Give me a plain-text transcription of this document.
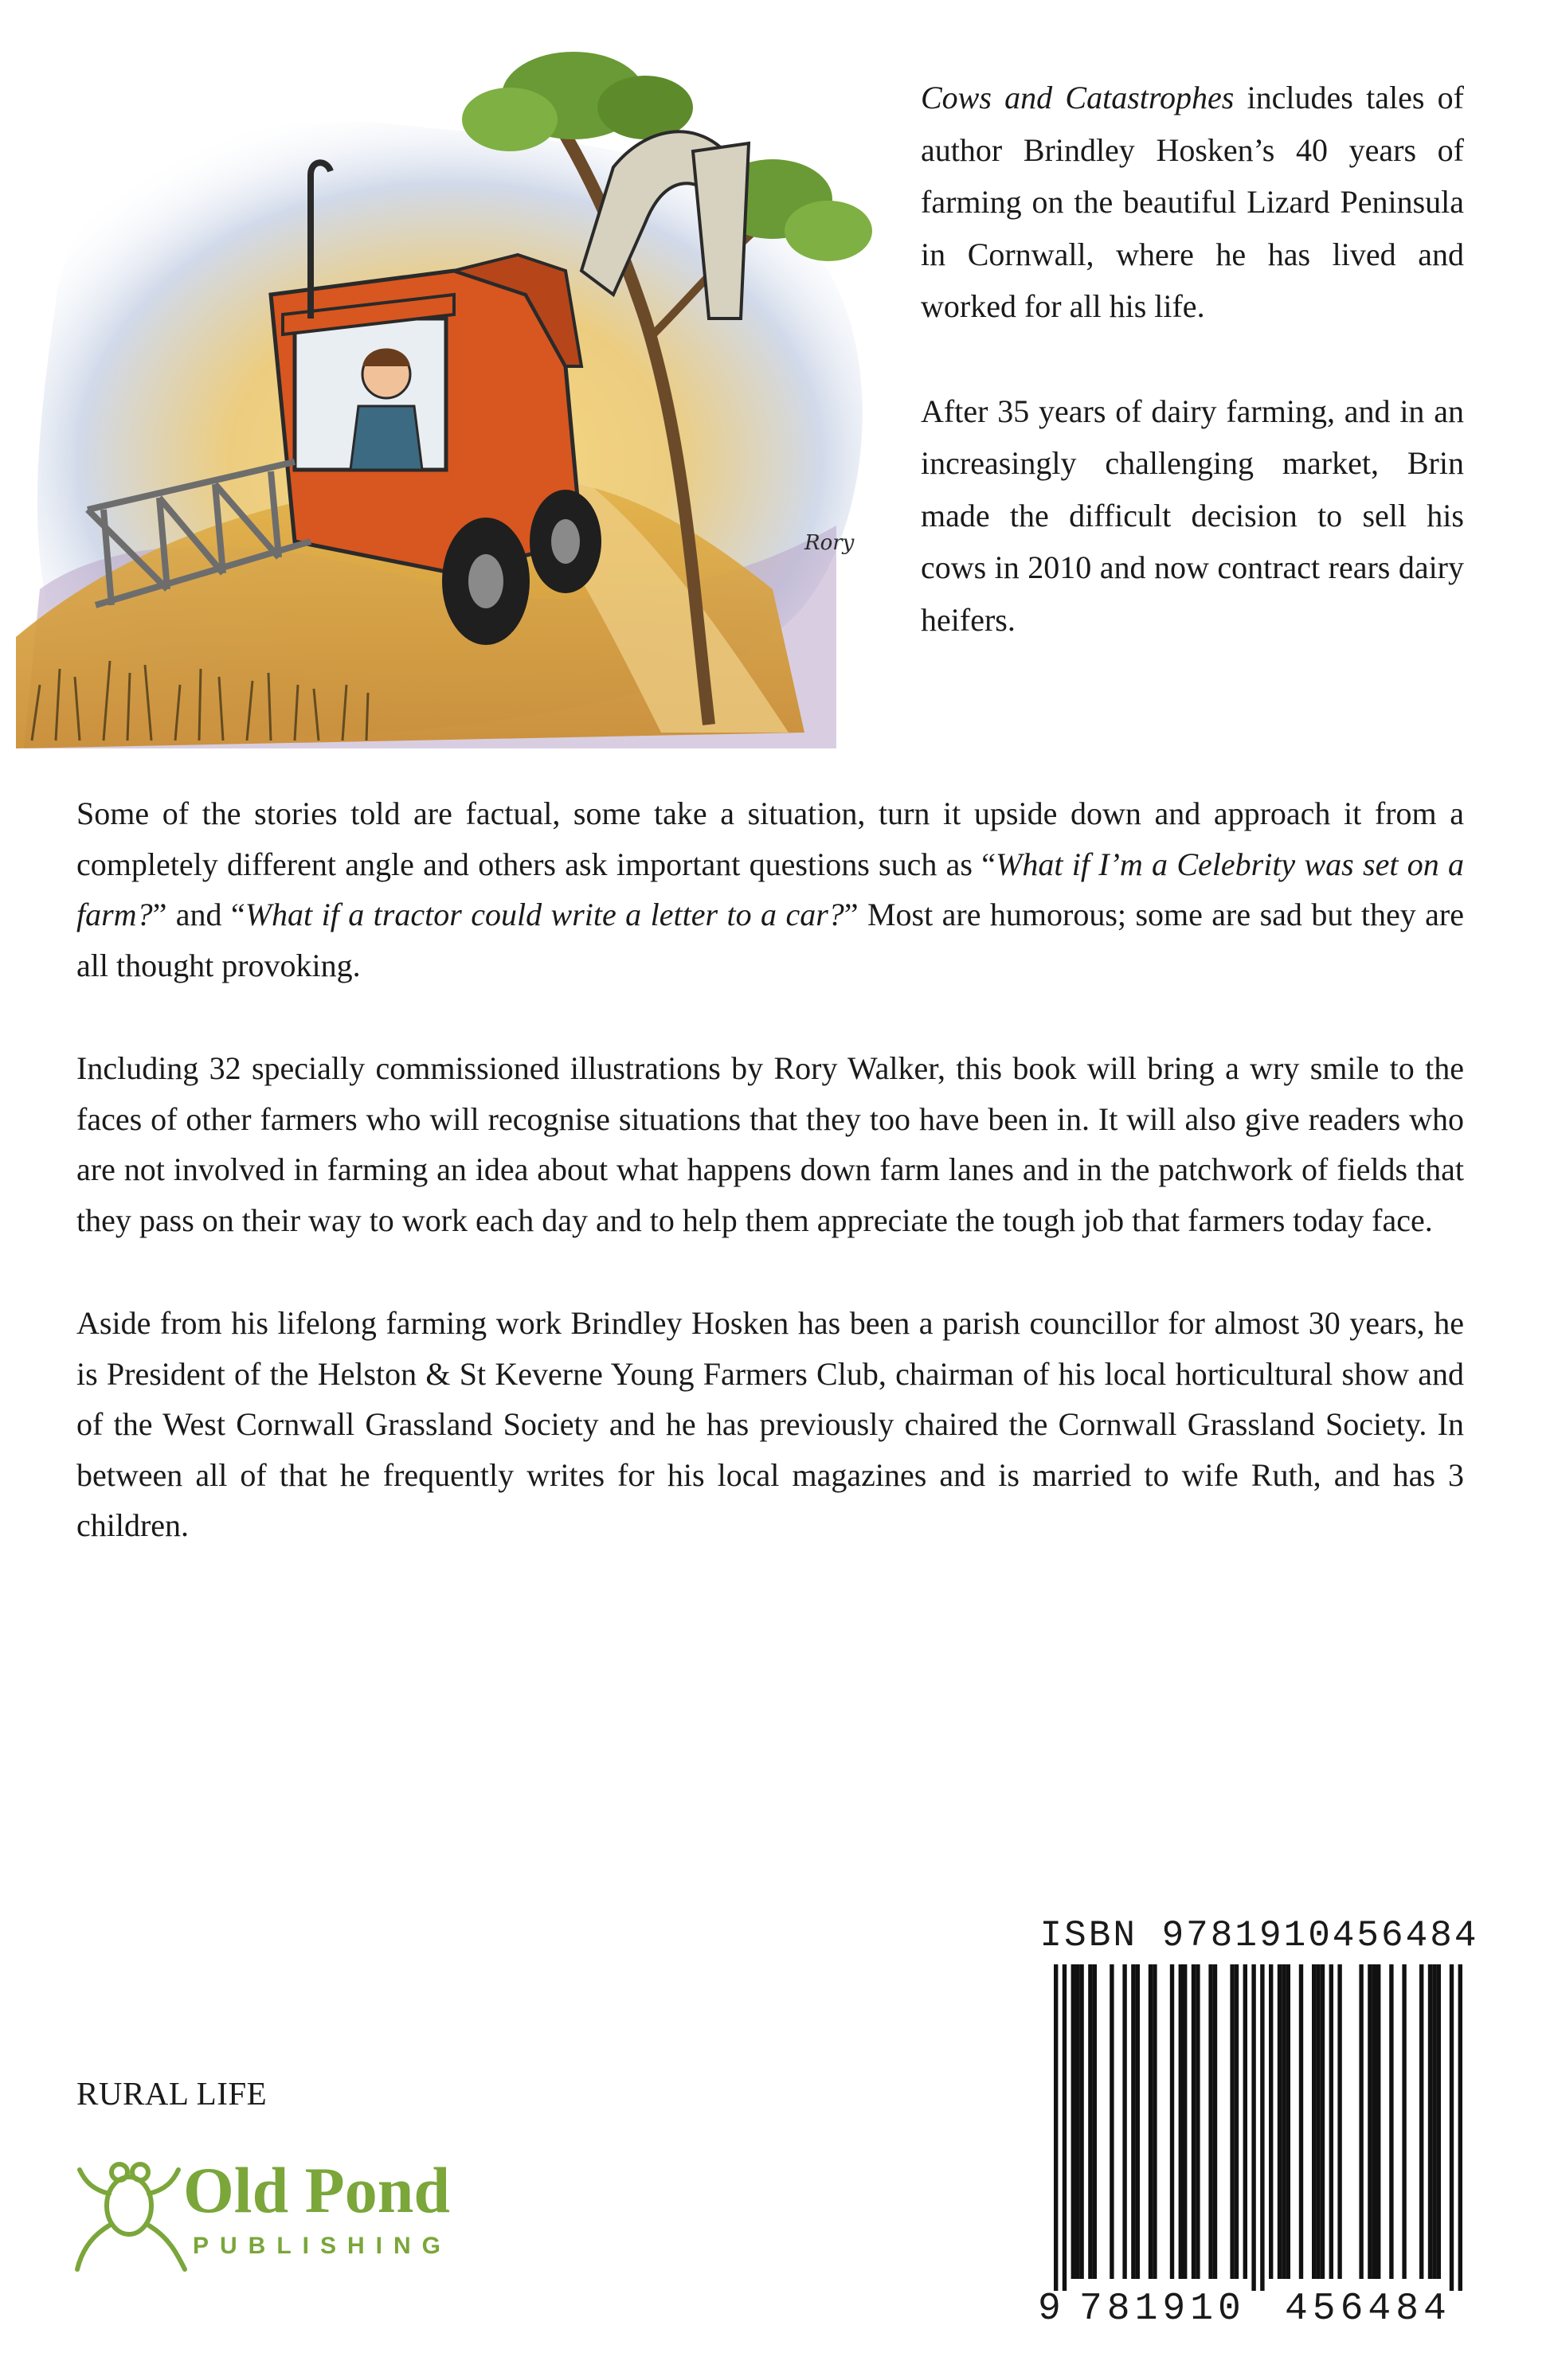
Rory

Cows and Catastrophes includes tales of author Brindley Hosken’s 40 years of farming on the beautiful Lizard Peninsula in Cornwall, where he has lived and worked for all his life.

After 35 years of dairy farming, and in an increasingly challenging market, Brin made the difficult decision to sell his cows in 2010 and now contract rears dairy heifers.

Some of the stories told are factual, some take a situation, turn it upside down and approach it from a completely different angle and others ask important questions such as “What if I’m a Celebrity was set on a farm?” and “What if a tractor could write a letter to a car?” Most are humorous; some are sad but they are all thought provoking.

Including 32 specially commissioned illustrations by Rory Walker, this book will bring a wry smile to the faces of other farmers who will recognise situations that they too have been in. It will also give readers who are not involved in farming an idea about what happens down farm lanes and in the patchwork of fields that they pass on their way to work each day and to help them appreciate the tough job that farmers today face.

Aside from his lifelong farming work Brindley Hosken has been a parish councillor for almost 30 years, he is President of the Helston & St Keverne Young Farmers Club, chairman of his local horticultural show and of the West Cornwall Grassland Society and he has previously chaired the Cornwall Grassland Society. In between all of that he frequently writes for his local magazines and is married to wife Ruth, and has 3 children.

RURAL LIFE
Old Pond
PUBLISHING
ISBN 9781910456484
9 781910 456484
